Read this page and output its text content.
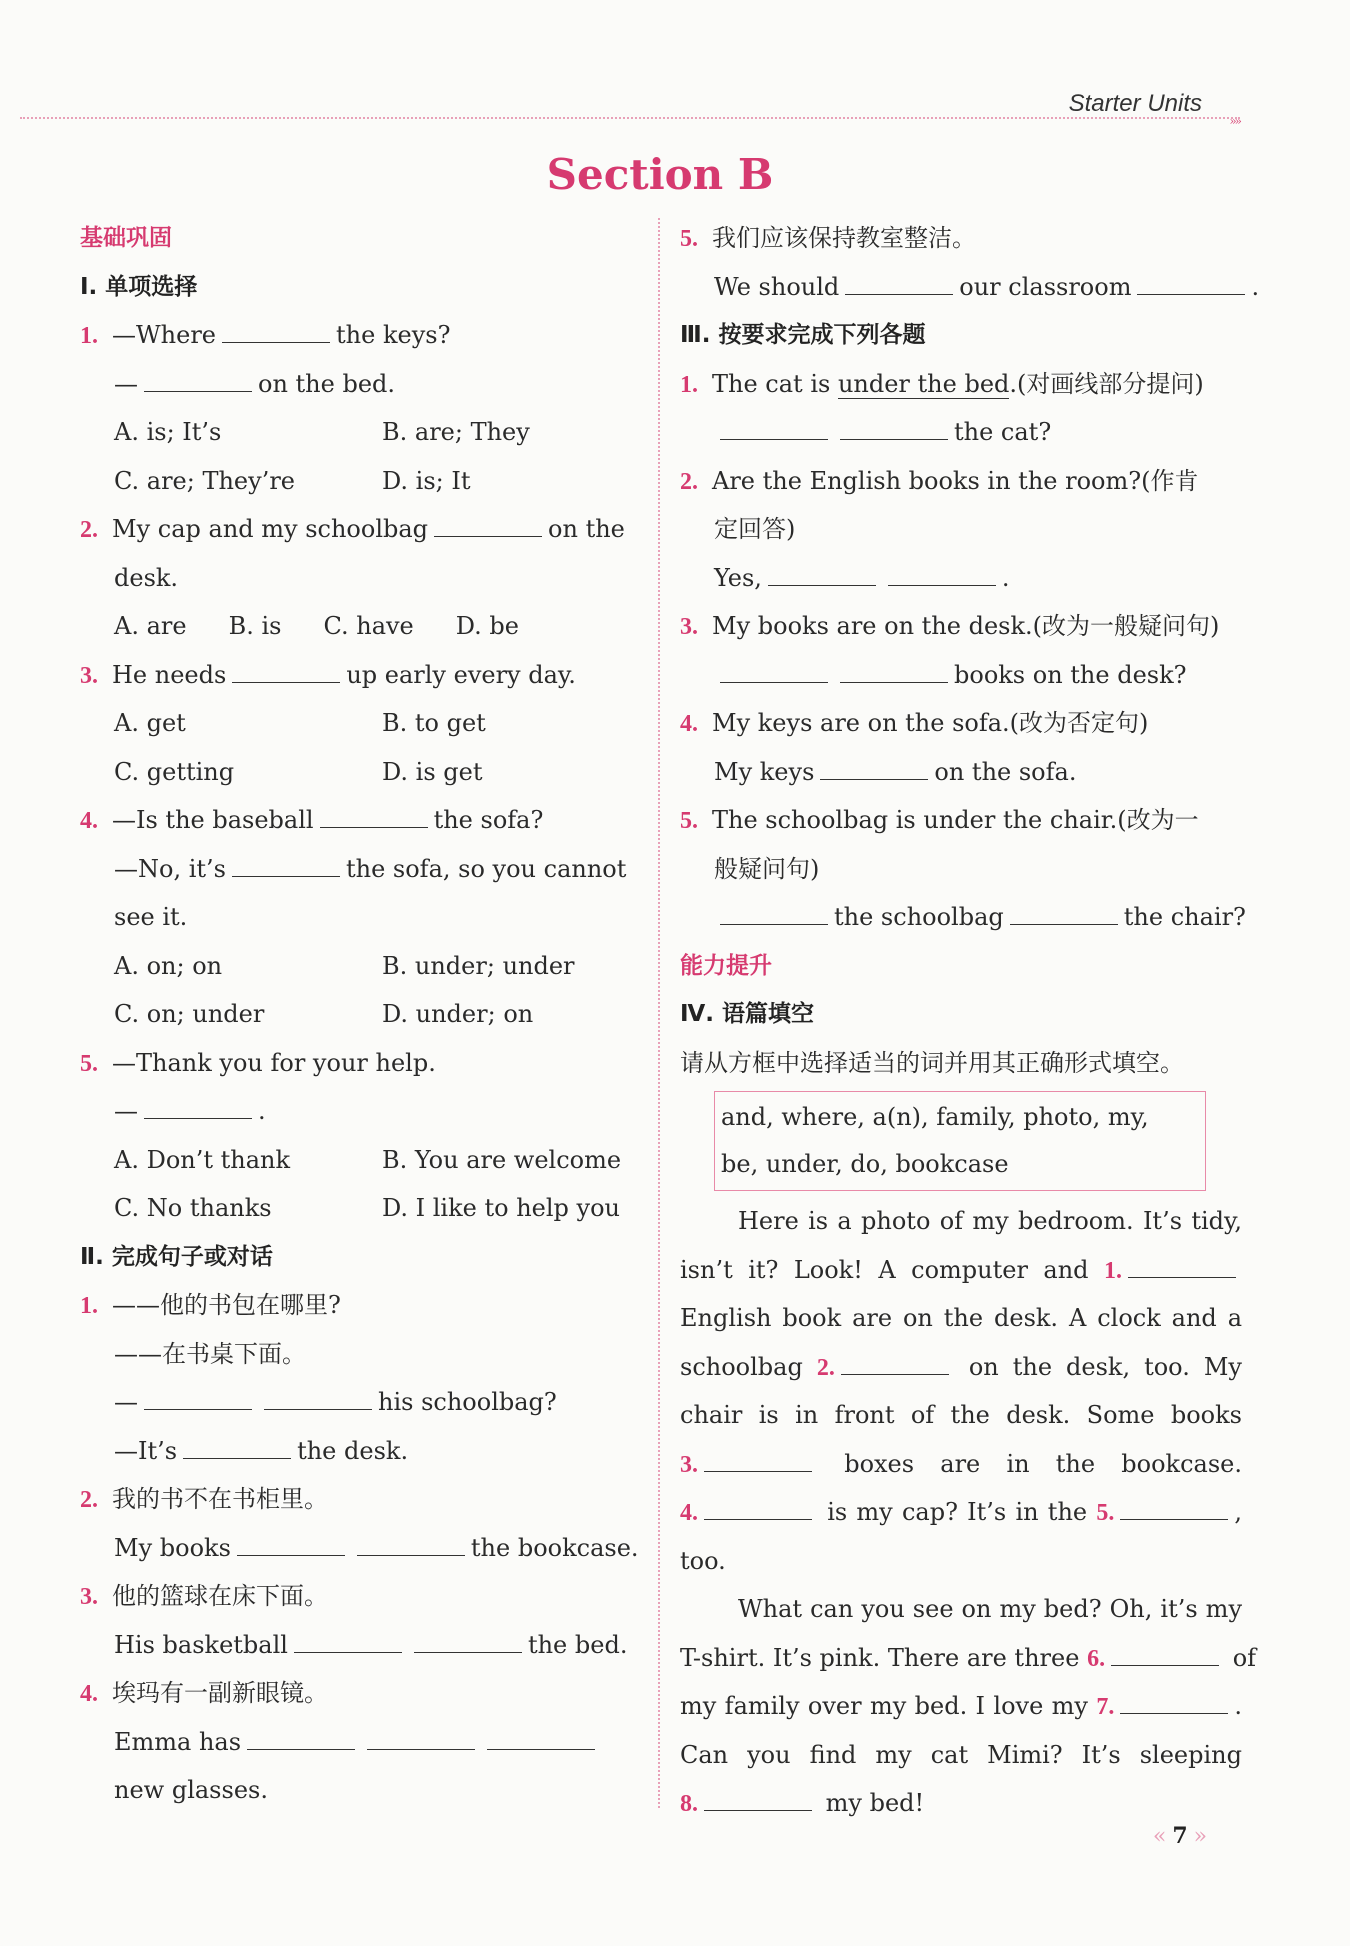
Starter Units
»»
Section B
基础巩固
Ⅰ. 单项选择
1. —Where	the keys?
—	on the bed.
A. is; It’s	B. are; They
C. are; They’re	D. is; It
2. My cap and my schoolbag	on the
desk.
A. are B. is C. have D. be
3. He needs	up early every day.
A. get	B. to get
C. getting	D. is get
4. —Is the baseball	the sofa?
—No, it’s	the sofa, so you cannot
see it.
A. on; on	B. under; under
C. on; under	D. under; on
5. —Thank you for your help.
—	.
A. Don’t thank	B. You are welcome
C. No thanks	D. I like to help you
Ⅱ. 完成句子或对话
1. ——他的书包在哪里?
——在书桌下面。
—	his schoolbag?
—It’s	the desk.
2. 我的书不在书柜里。
My books	the bookcase.
3. 他的篮球在床下面。
His basketball	the bed.
4. 埃玛有一副新眼镜。
Emma has
new glasses.
5. 我们应该保持教室整洁。
We should	our classroom	.
Ⅲ. 按要求完成下列各题
1. The cat is under the bed.(对画线部分提问)
the cat?
2. Are the English books in the room?(作肯
定回答)
Yes,	.
3. My books are on the desk.(改为一般疑问句)
books on the desk?
4. My keys are on the sofa.(改为否定句)
My keys	on the sofa.
5. The schoolbag is under the chair.(改为一
般疑问句)
the schoolbag	the chair?
能力提升
Ⅳ. 语篇填空
请从方框中选择适当的词并用其正确形式填空。
and, where, a(n), family, photo, my,
be, under, do, bookcase
Here is a photo of my bedroom. It’s tidy,
isn’t it? Look! A computer and 1.
English book are on the desk. A clock and a
schoolbag 2.	on the desk, too. My
chair is in front of the desk. Some books
3.	boxes are in the bookcase.
4.	is my cap? It’s in the 5.	,
too.
What can you see on my bed? Oh, it’s my
T-shirt. It’s pink. There are three 6.	of
my family over my bed. I love my 7.	.
Can you find my cat Mimi? It’s sleeping
8.	my bed!
« 7 »
